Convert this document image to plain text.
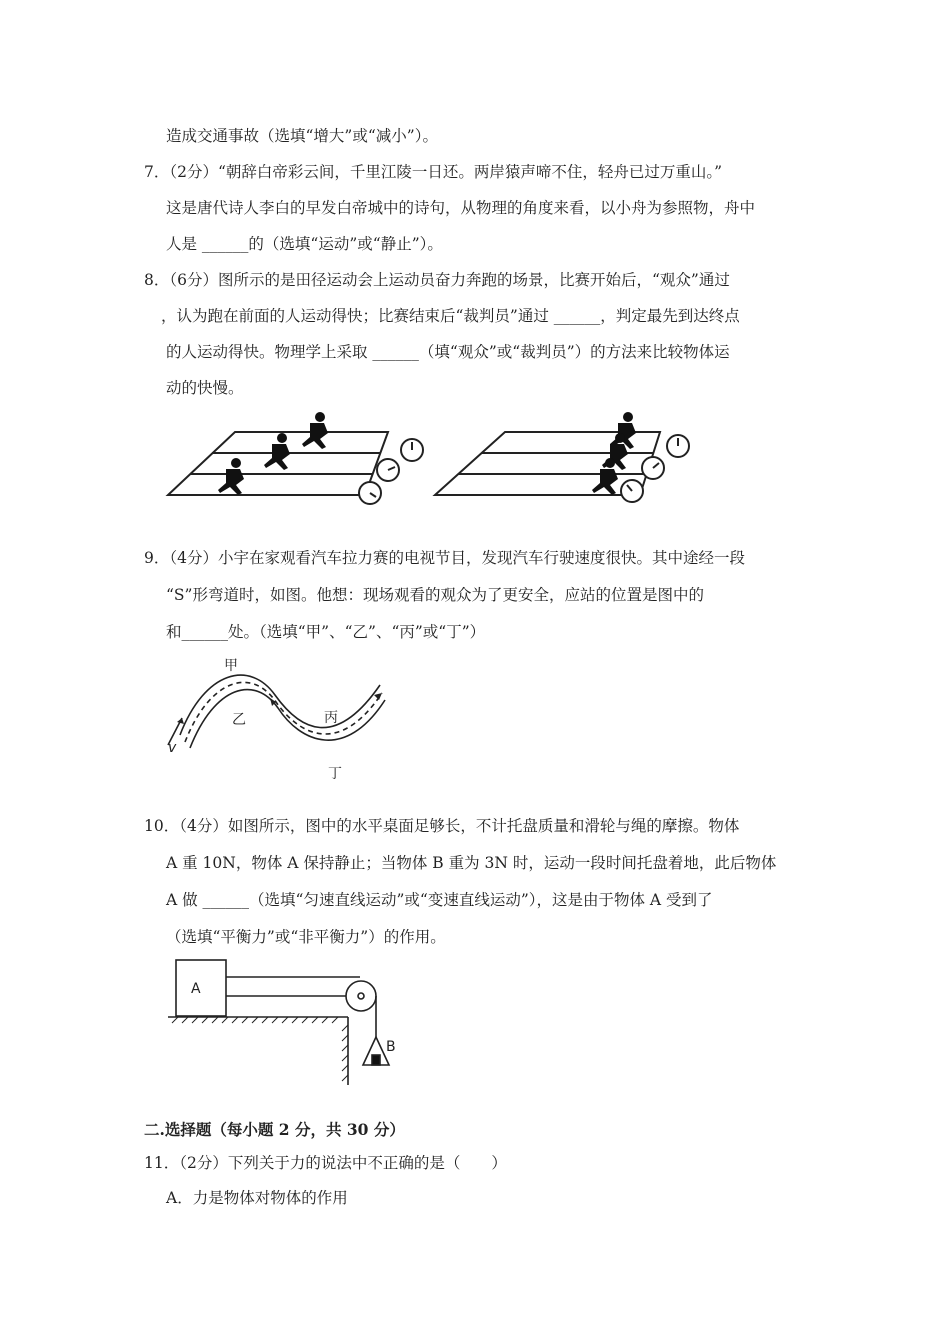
造成交通事故（选填“增大”或“减小”）。
7．（2分）“朝辞白帝彩云间，千里江陵一日还。两岸猿声啼不住，轻舟已过万重山。”
这是唐代诗人李白的早发白帝城中的诗句，从物理的角度来看，以小舟为参照物，舟中
人是 ______的（选填“运动”或“静止”）。
8．（6分）图所示的是田径运动会上运动员奋力奔跑的场景，比赛开始后，“观众”通过
，认为跑在前面的人运动得快；比赛结束后“裁判员”通过 ______，判定最先到达终点
的人运动得快。物理学上采取 ______（填“观众”或“裁判员”）的方法来比较物体运
动的快慢。
9．（4分）小宇在家观看汽车拉力赛的电视节目，发现汽车行驶速度很快。其中途经一段
“S”形弯道时，如图。他想：现场观看的观众为了更安全，应站的位置是图中的
和______处。（选填“甲”、“乙”、“丙”或“丁”）
甲
乙	丙
丁
v
10．（4分）如图所示，图中的水平桌面足够长，不计托盘质量和滑轮与绳的摩擦。物体
A 重 10N，物体 A 保持静止；当物体 B 重为 3N 时，运动一段时间托盘着地，此后物体
A 做 ______（选填“匀速直线运动”或“变速直线运动”），这是由于物体 A 受到了
（选填“平衡力”或“非平衡力”）的作用。
A
B
二.选择题（每小题 2 分，共 30 分）
11．（2分）下列关于力的说法中不正确的是（　　）
A．力是物体对物体的作用
